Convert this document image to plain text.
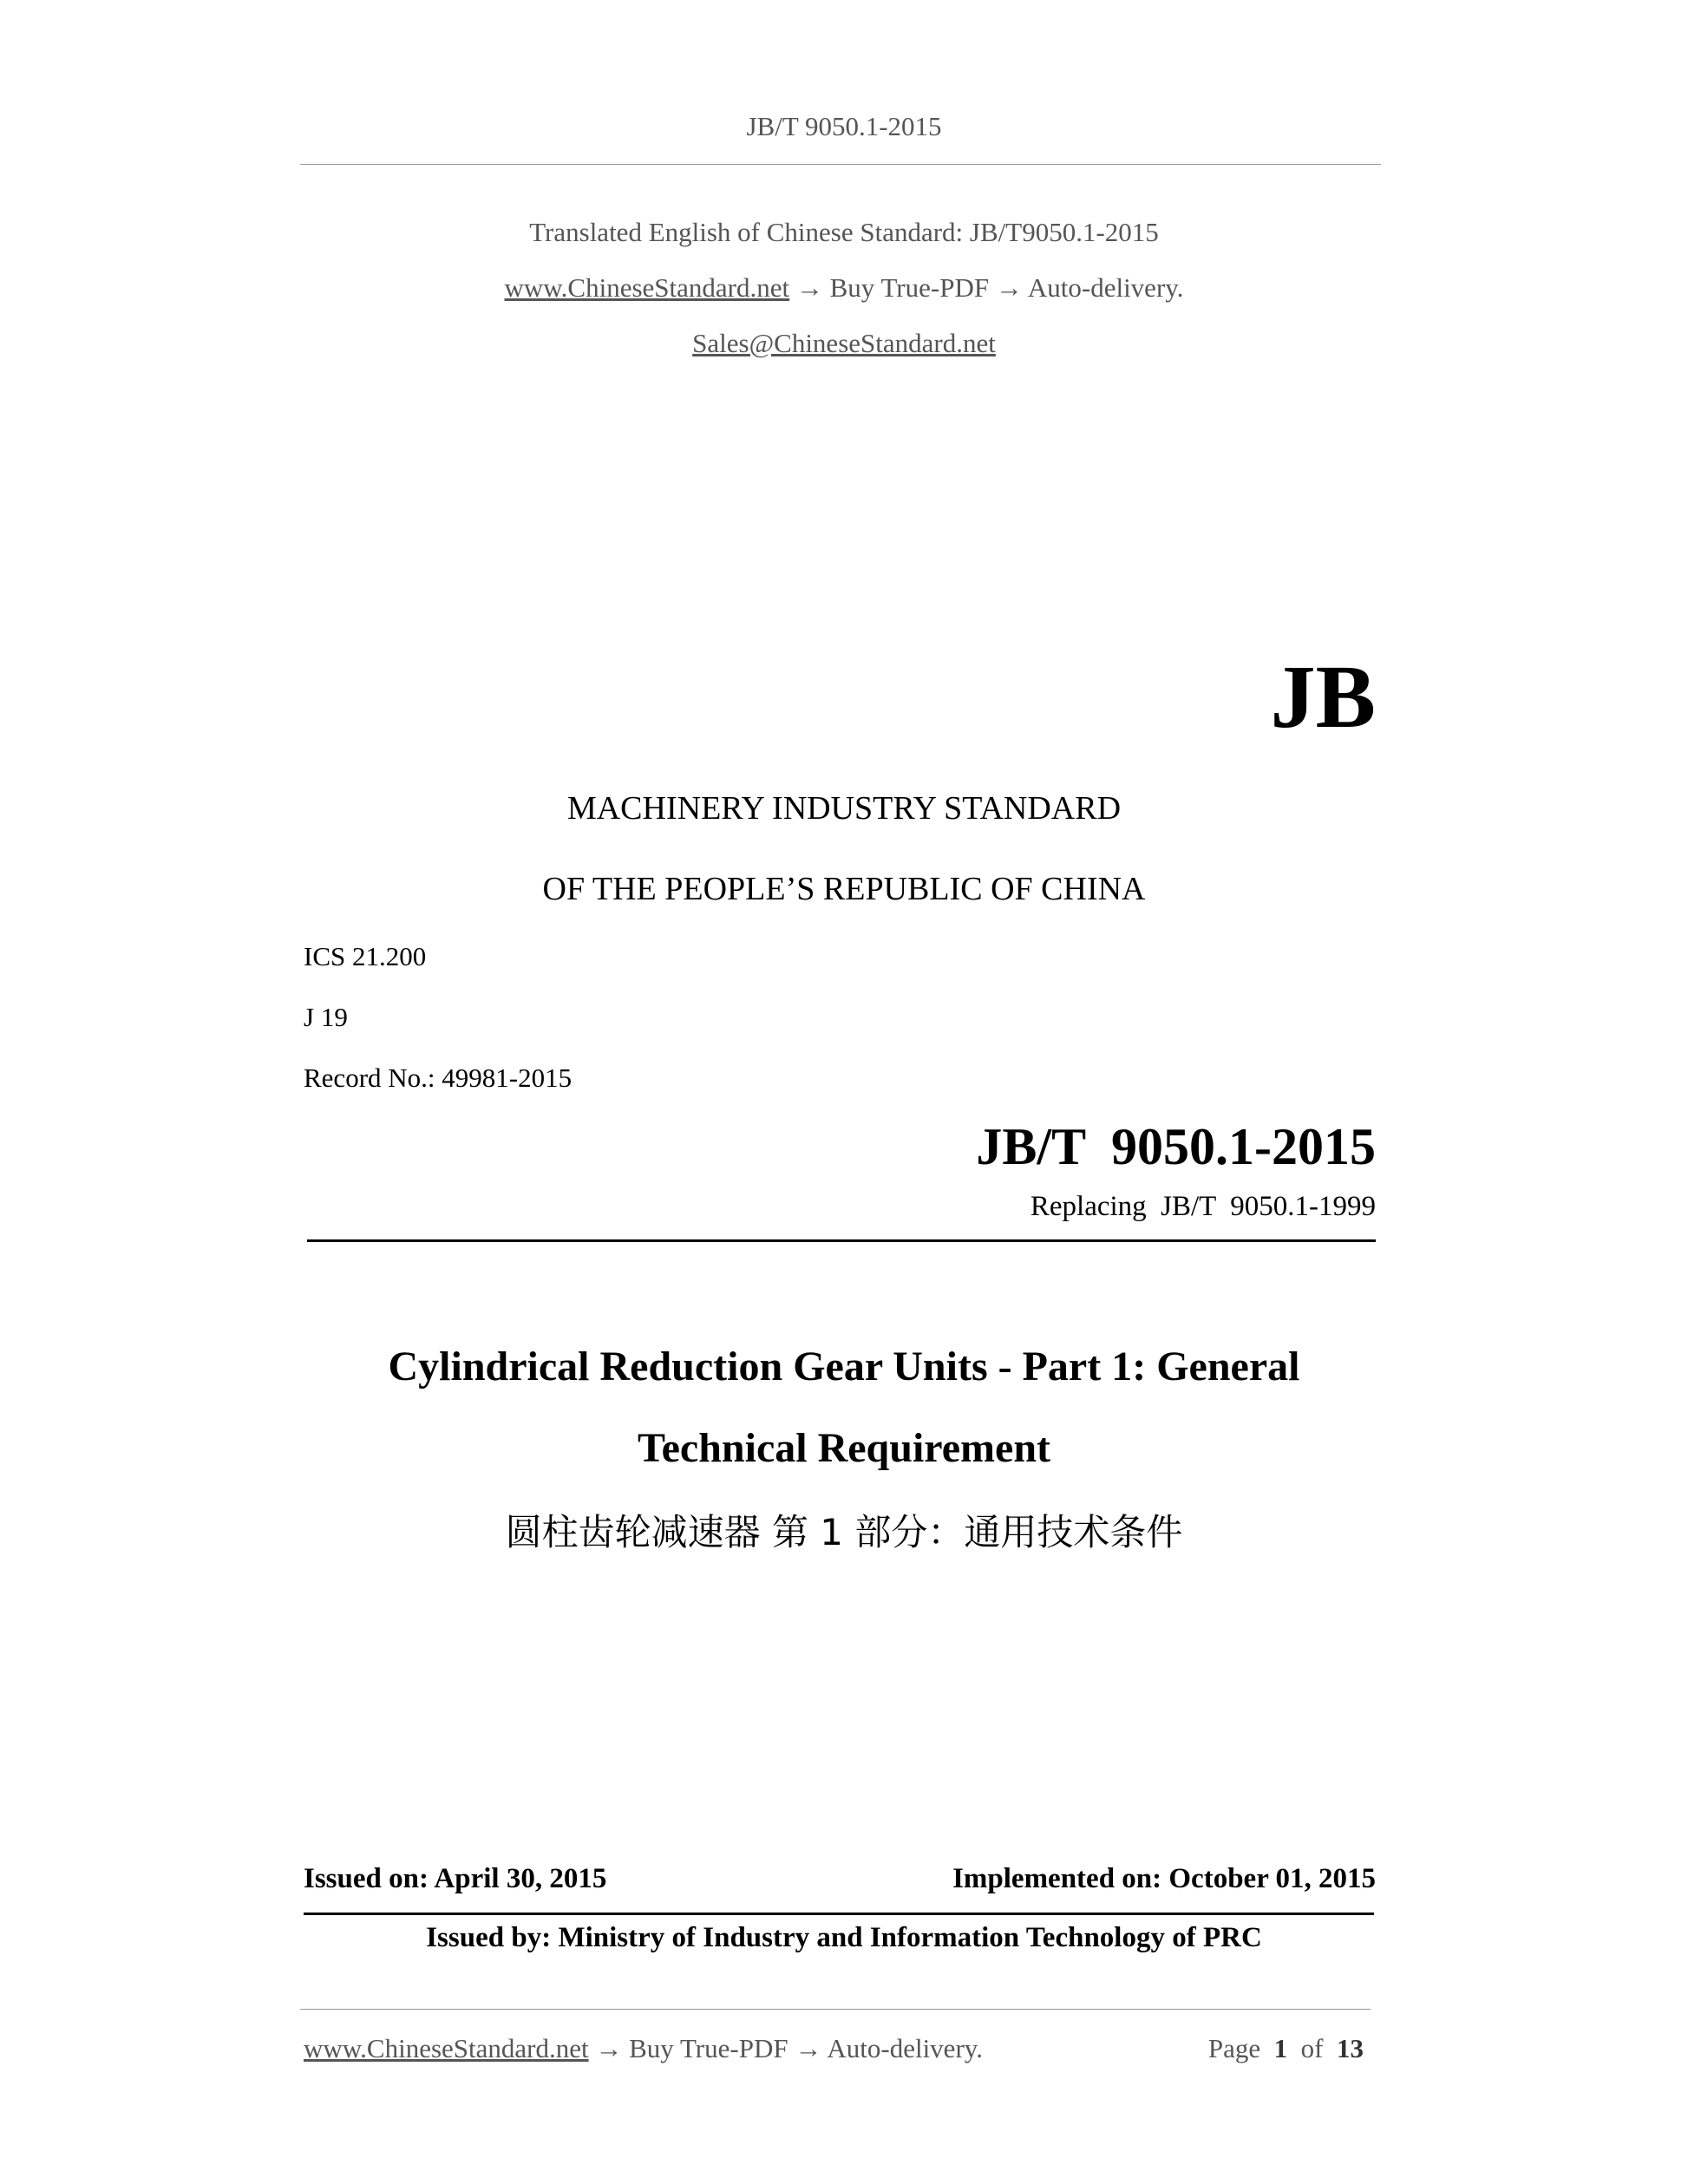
JB/T 9050.1-2015
Translated English of Chinese Standard: JB/T9050.1-2015
www.ChineseStandard.net → Buy True-PDF → Auto-delivery.
Sales@ChineseStandard.net
JB
MACHINERY INDUSTRY STANDARD
OF THE PEOPLE’S REPUBLIC OF CHINA
ICS 21.200
J 19
Record No.: 49981-2015
JB/T  9050.1-2015
Replacing  JB/T  9050.1-1999
Cylindrical Reduction Gear Units - Part 1: General
Technical Requirement
圆柱齿轮减速器 第 1 部分：通用技术条件
Issued on: April 30, 2015	Implemented on: October 01, 2015
Issued by: Ministry of Industry and Information Technology of PRC
www.ChineseStandard.net → Buy True-PDF → Auto-delivery.	Page 1 of 13
